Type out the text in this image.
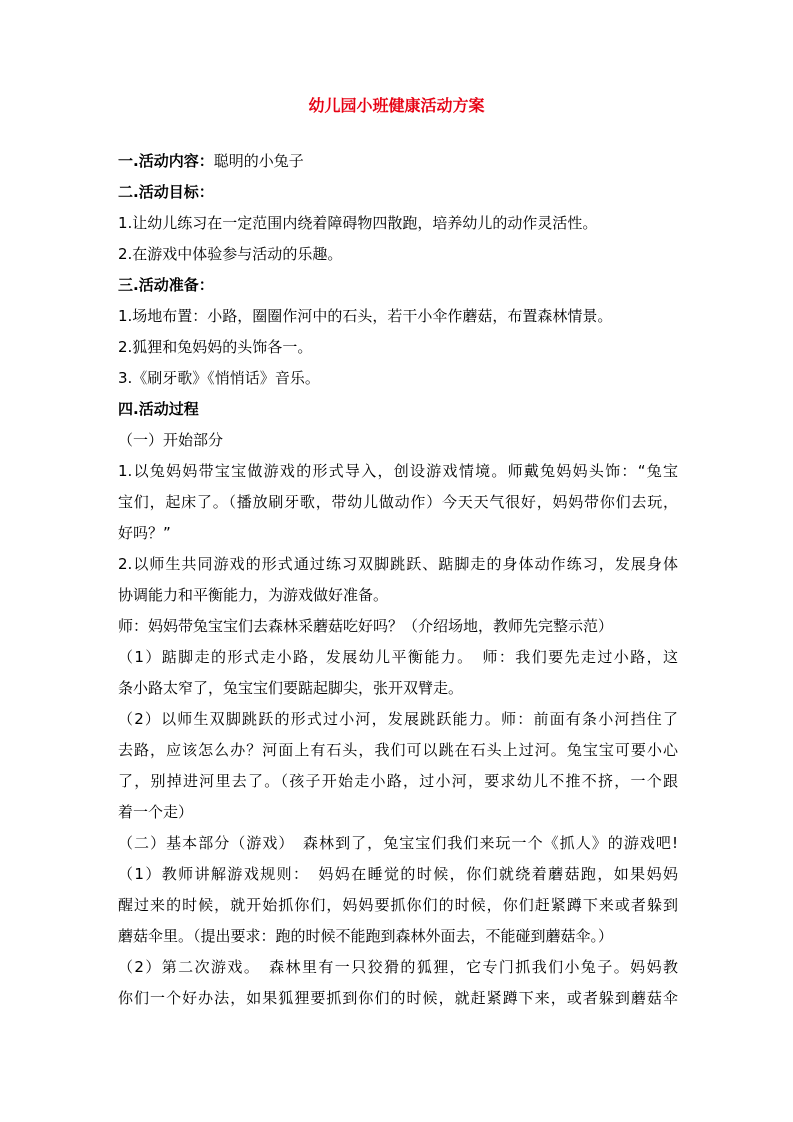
幼儿园小班健康活动方案
一.活动内容：聪明的小兔子
二.活动目标：
1.让幼儿练习在一定范围内绕着障碍物四散跑，培养幼儿的动作灵活性。
2.在游戏中体验参与活动的乐趣。
三.活动准备：
1.场地布置：小路，圈圈作河中的石头，若干小伞作蘑菇，布置森林情景。
2.狐狸和兔妈妈的头饰各一。
3.《刷牙歌》《悄悄话》音乐。
四.活动过程
（一）开始部分
1.以兔妈妈带宝宝做游戏的形式导入，创设游戏情境。师戴兔妈妈头饰：“兔宝
宝们，起床了。（播放刷牙歌，带幼儿做动作）今天天气很好，妈妈带你们去玩，
好吗？”
2.以师生共同游戏的形式通过练习双脚跳跃、踮脚走的身体动作练习，发展身体
协调能力和平衡能力，为游戏做好准备。
师：妈妈带兔宝宝们去森林采蘑菇吃好吗？（介绍场地，教师先完整示范）
（1）踮脚走的形式走小路，发展幼儿平衡能力。　师：我们要先走过小路，这
条小路太窄了，兔宝宝们要踮起脚尖，张开双臂走。
（2）以师生双脚跳跃的形式过小河，发展跳跃能力。师：前面有条小河挡住了
去路，应该怎么办？河面上有石头，我们可以跳在石头上过河。兔宝宝可要小心
了，别掉进河里去了。（孩子开始走小路，过小河，要求幼儿不推不挤，一个跟
着一个走）
（二）基本部分（游戏）　森林到了，兔宝宝们我们来玩一个《抓人》的游戏吧!
（1）教师讲解游戏规则：　妈妈在睡觉的时候，你们就绕着蘑菇跑，如果妈妈
醒过来的时候，就开始抓你们，妈妈要抓你们的时候，你们赶紧蹲下来或者躲到
蘑菇伞里。（提出要求：跑的时候不能跑到森林外面去，不能碰到蘑菇伞。）
（2）第二次游戏。　森林里有一只狡猾的狐狸，它专门抓我们小兔子。妈妈教
你们一个好办法，如果狐狸要抓到你们的时候，就赶紧蹲下来，或者躲到蘑菇伞
